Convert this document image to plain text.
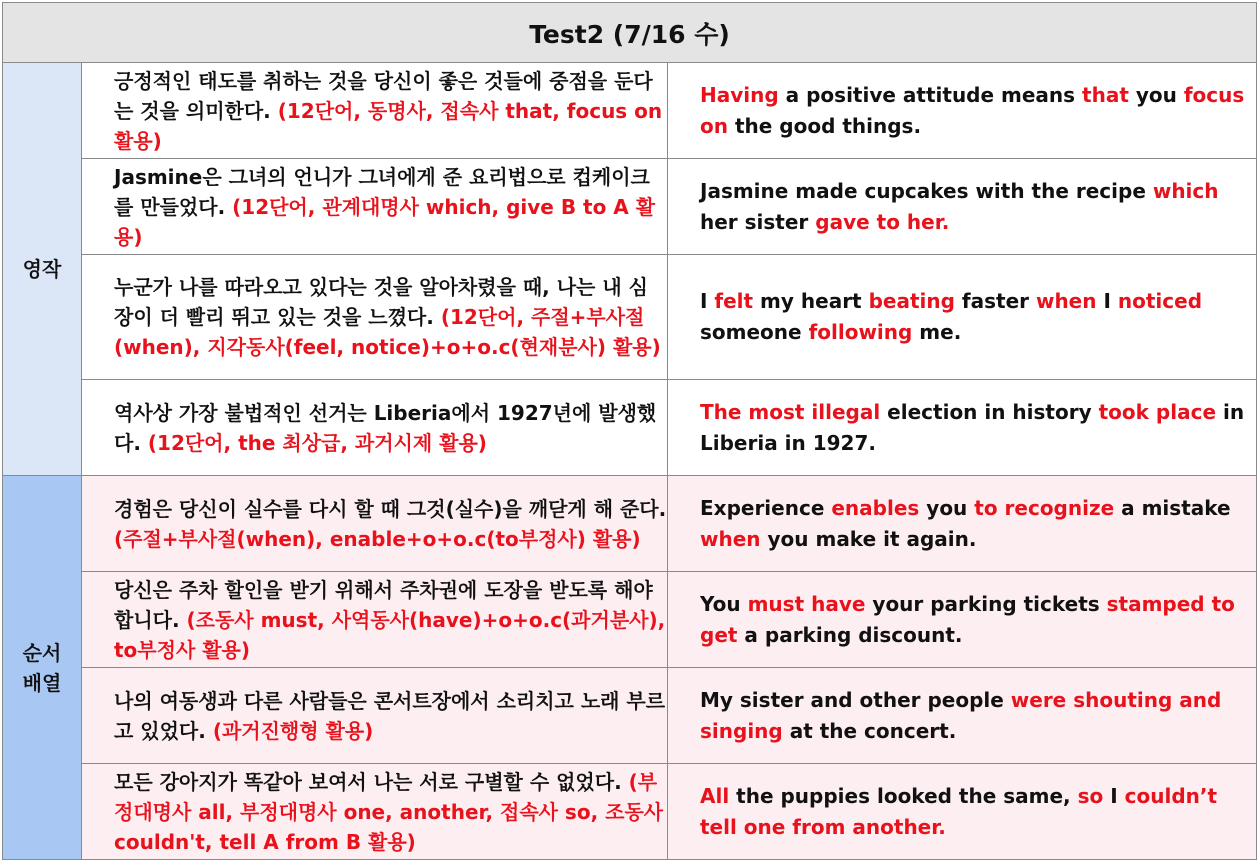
Test2 (7/16 수)		
영작	긍정적인 태도를 취하는 것을 당신이 좋은 것들에 중점을 둔다는 것을 의미한다. (12단어, 동명사, 접속사 that, focus on 활용)	Having a positive attitude means that you focus on the good things.
	Jasmine은 그녀의 언니가 그녀에게 준 요리법으로 컵케이크를 만들었다. (12단어, 관계대명사 which, give B to A 활용)	Jasmine made cupcakes with the recipe which her sister gave to her.
	누군가 나를 따라오고 있다는 것을 알아차렸을 때, 나는 내 심장이 더 빨리 뛰고 있는 것을 느꼈다. (12단어, 주절+부사절(when), 지각동사(feel, notice)+o+o.c(현재분사) 활용)	I felt my heart beating faster when I noticed someone following me.
	역사상 가장 불법적인 선거는 Liberia에서 1927년에 발생했다. (12단어, the 최상급, 과거시제 활용)	The most illegal election in history took place in Liberia in 1927.
순서 배열	경험은 당신이 실수를 다시 할 때 그것(실수)을 깨닫게 해 준다. (주절+부사절(when), enable+o+o.c(to부정사) 활용)	Experience enables you to recognize a mistake when you make it again.
	당신은 주차 할인을 받기 위해서 주차권에 도장을 받도록 해야 합니다. (조동사 must, 사역동사(have)+o+o.c(과거분사), to부정사 활용)	You must have your parking tickets stamped to get a parking discount.
	나의 여동생과 다른 사람들은 콘서트장에서 소리치고 노래 부르고 있었다. (과거진행형 활용)	My sister and other people were shouting and singing at the concert.
	모든 강아지가 똑같아 보여서 나는 서로 구별할 수 없었다. (부정대명사 all, 부정대명사 one, another, 접속사 so, 조동사 couldn't, tell A from B 활용)	All the puppies looked the same, so I couldn’t tell one from another.
